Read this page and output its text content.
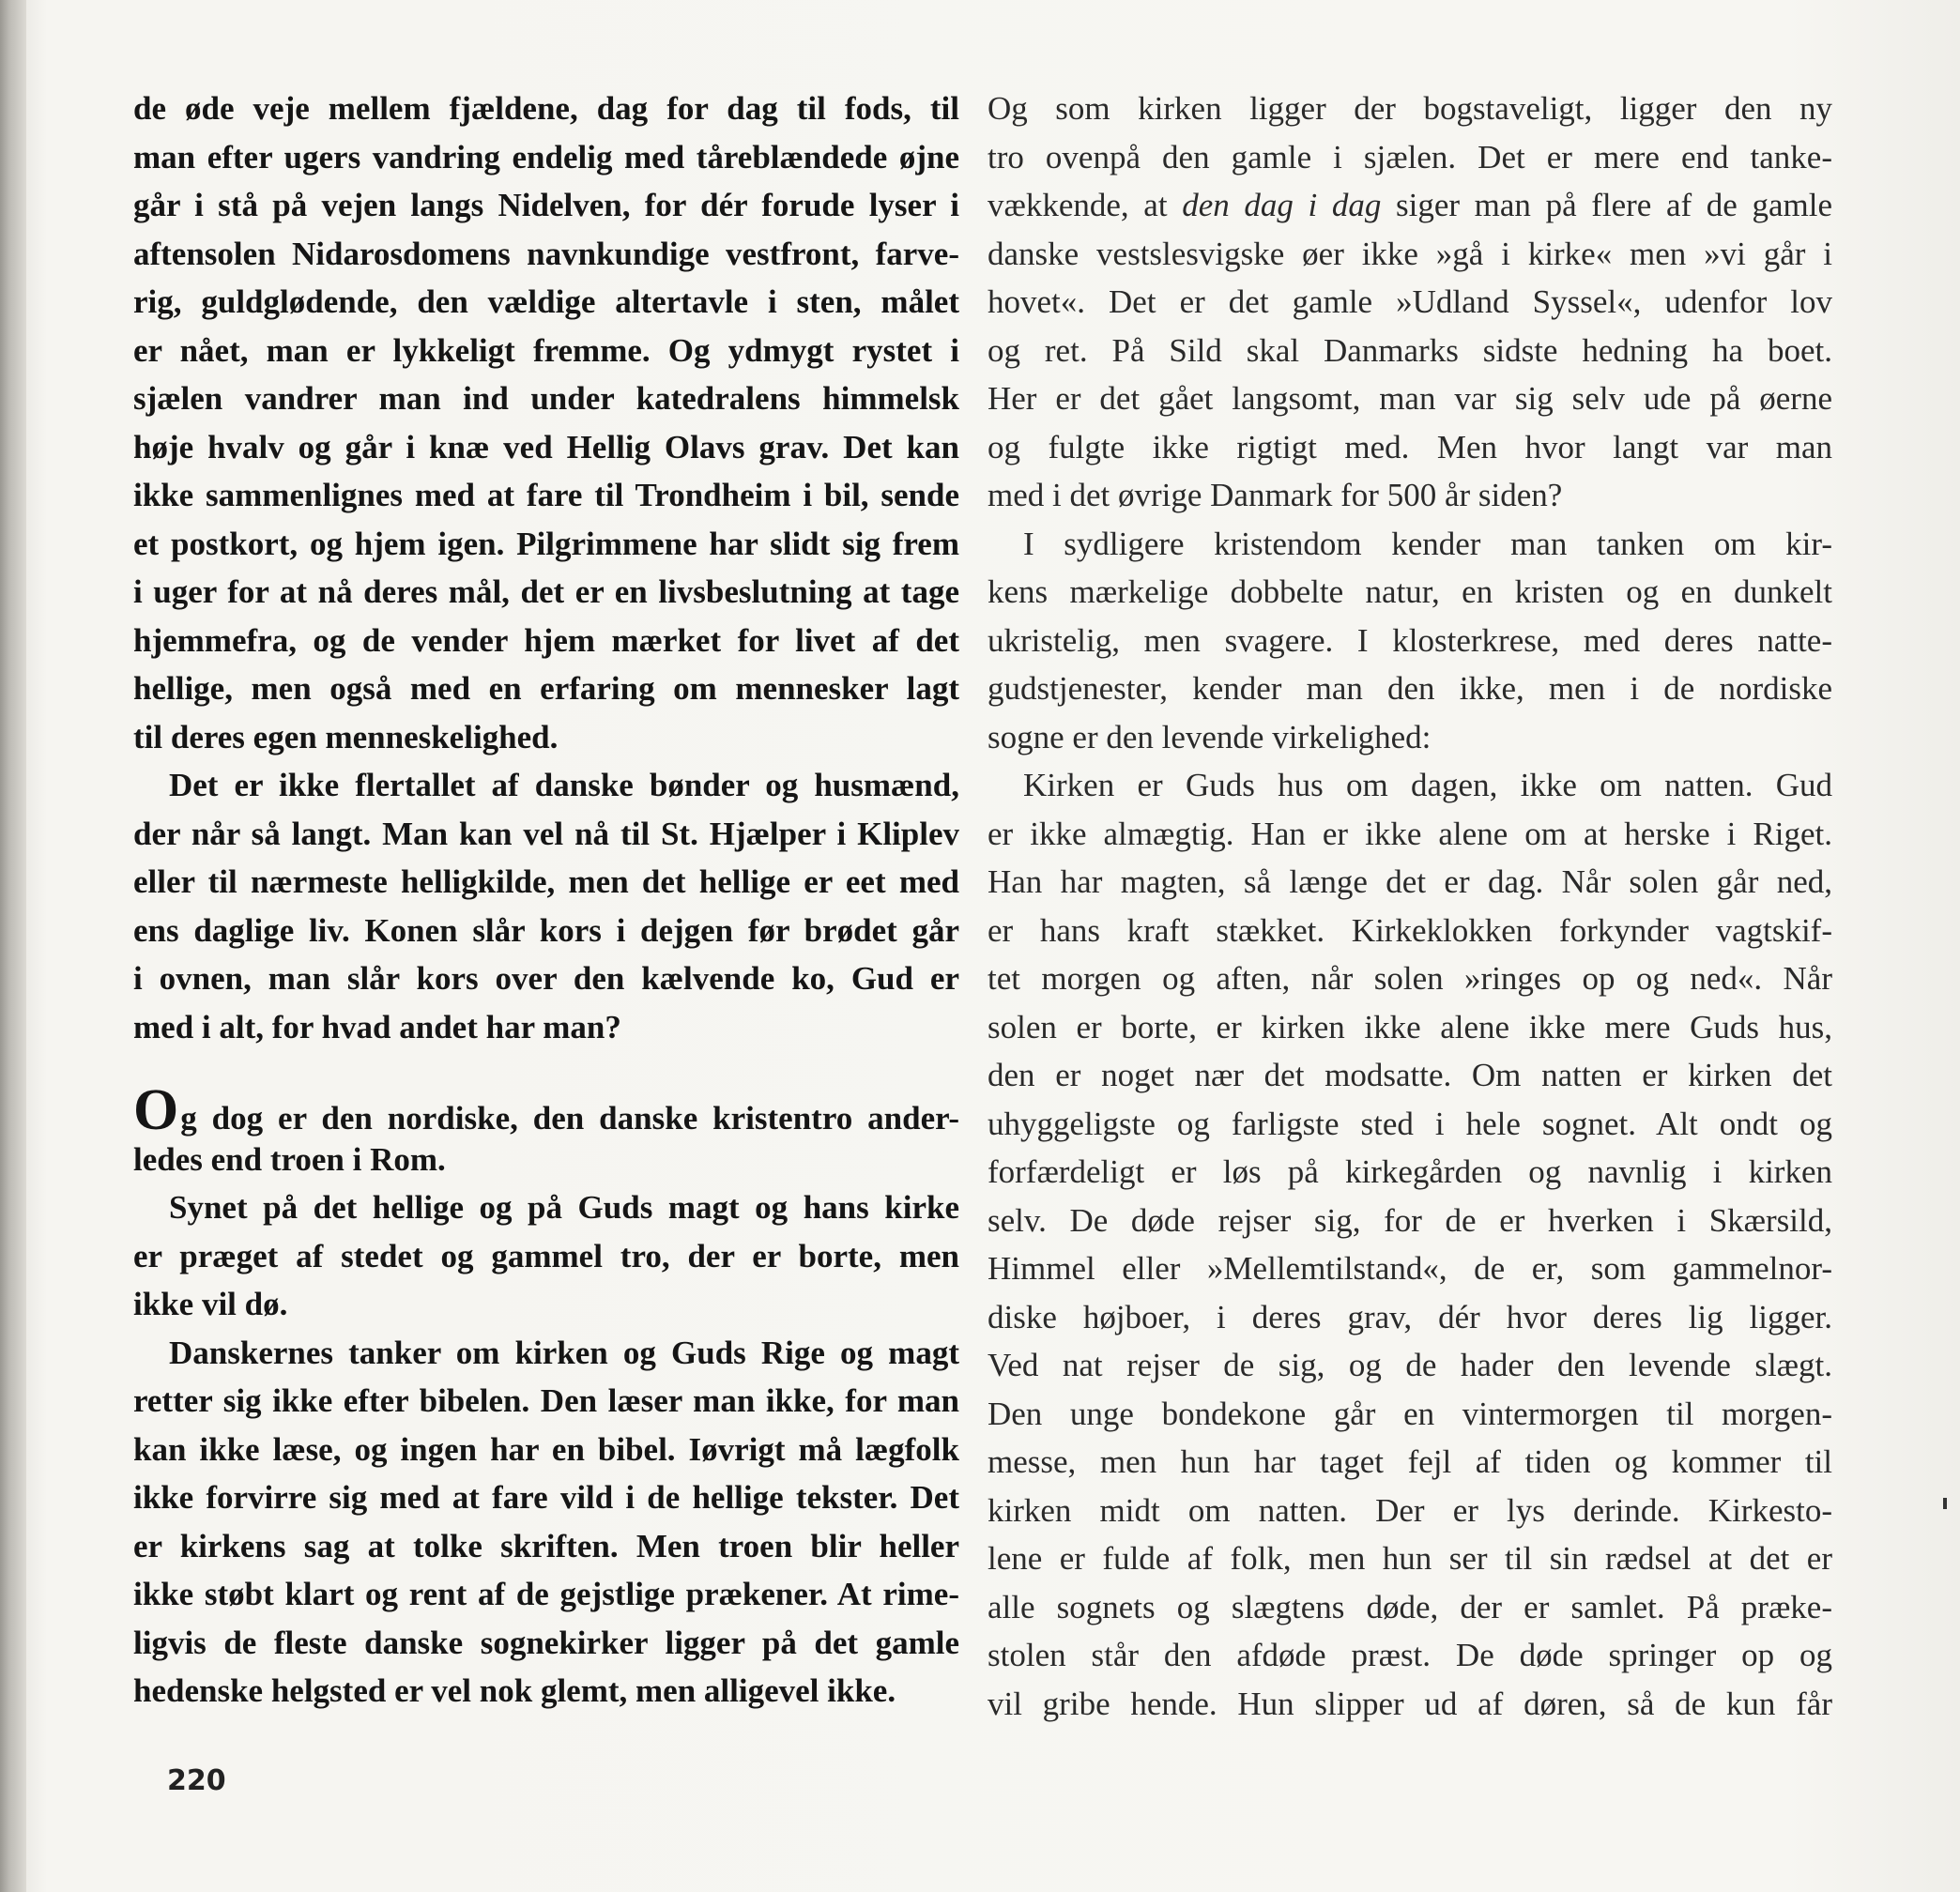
de øde veje mellem fjældene, dag for dag til fods, til
man efter ugers vandring endelig med tåreblændede øjne
går i stå på vejen langs Nidelven, for dér forude lyser i
aftensolen Nidarosdomens navnkundige vestfront, farve-
rig, guldglødende, den vældige altertavle i sten, målet
er nået, man er lykkeligt fremme. Og ydmygt rystet i
sjælen vandrer man ind under katedralens himmelsk
høje hvalv og går i knæ ved Hellig Olavs grav. Det kan
ikke sammenlignes med at fare til Trondheim i bil, sende
et postkort, og hjem igen. Pilgrimmene har slidt sig frem
i uger for at nå deres mål, det er en livsbeslutning at tage
hjemmefra, og de vender hjem mærket for livet af det
hellige, men også med en erfaring om mennesker lagt
til deres egen menneskelighed.
Det er ikke flertallet af danske bønder og husmænd,
der når så langt. Man kan vel nå til St. Hjælper i Kliplev
eller til nærmeste helligkilde, men det hellige er eet med
ens daglige liv. Konen slår kors i dejgen før brødet går
i ovnen, man slår kors over den kælvende ko, Gud er
med i alt, for hvad andet har man?
Og dog er den nordiske, den danske kristentro ander-
ledes end troen i Rom.
Synet på det hellige og på Guds magt og hans kirke
er præget af stedet og gammel tro, der er borte, men
ikke vil dø.
Danskernes tanker om kirken og Guds Rige og magt
retter sig ikke efter bibelen. Den læser man ikke, for man
kan ikke læse, og ingen har en bibel. Iøvrigt må lægfolk
ikke forvirre sig med at fare vild i de hellige tekster. Det
er kirkens sag at tolke skriften. Men troen blir heller
ikke støbt klart og rent af de gejstlige prækener. At rime-
ligvis de fleste danske sognekirker ligger på det gamle
hedenske helgsted er vel nok glemt, men alligevel ikke.
Og som kirken ligger der bogstaveligt, ligger den ny
tro ovenpå den gamle i sjælen. Det er mere end tanke-
vækkende, at den dag i dag siger man på flere af de gamle
danske vestslesvigske øer ikke »gå i kirke« men »vi går i
hovet«. Det er det gamle »Udland Syssel«, udenfor lov
og ret. På Sild skal Danmarks sidste hedning ha boet.
Her er det gået langsomt, man var sig selv ude på øerne
og fulgte ikke rigtigt med. Men hvor langt var man
med i det øvrige Danmark for 500 år siden?
I sydligere kristendom kender man tanken om kir-
kens mærkelige dobbelte natur, en kristen og en dunkelt
ukristelig, men svagere. I klosterkrese, med deres natte-
gudstjenester, kender man den ikke, men i de nordiske
sogne er den levende virkelighed:
Kirken er Guds hus om dagen, ikke om natten. Gud
er ikke almægtig. Han er ikke alene om at herske i Riget.
Han har magten, så længe det er dag. Når solen går ned,
er hans kraft stækket. Kirkeklokken forkynder vagtskif-
tet morgen og aften, når solen »ringes op og ned«. Når
solen er borte, er kirken ikke alene ikke mere Guds hus,
den er noget nær det modsatte. Om natten er kirken det
uhyggeligste og farligste sted i hele sognet. Alt ondt og
forfærdeligt er løs på kirkegården og navnlig i kirken
selv. De døde rejser sig, for de er hverken i Skærsild,
Himmel eller »Mellemtilstand«, de er, som gammelnor-
diske højboer, i deres grav, dér hvor deres lig ligger.
Ved nat rejser de sig, og de hader den levende slægt.
Den unge bondekone går en vintermorgen til morgen-
messe, men hun har taget fejl af tiden og kommer til
kirken midt om natten. Der er lys derinde. Kirkesto-
lene er fulde af folk, men hun ser til sin rædsel at det er
alle sognets og slægtens døde, der er samlet. På præke-
stolen står den afdøde præst. De døde springer op og
vil gribe hende. Hun slipper ud af døren, så de kun får
220
